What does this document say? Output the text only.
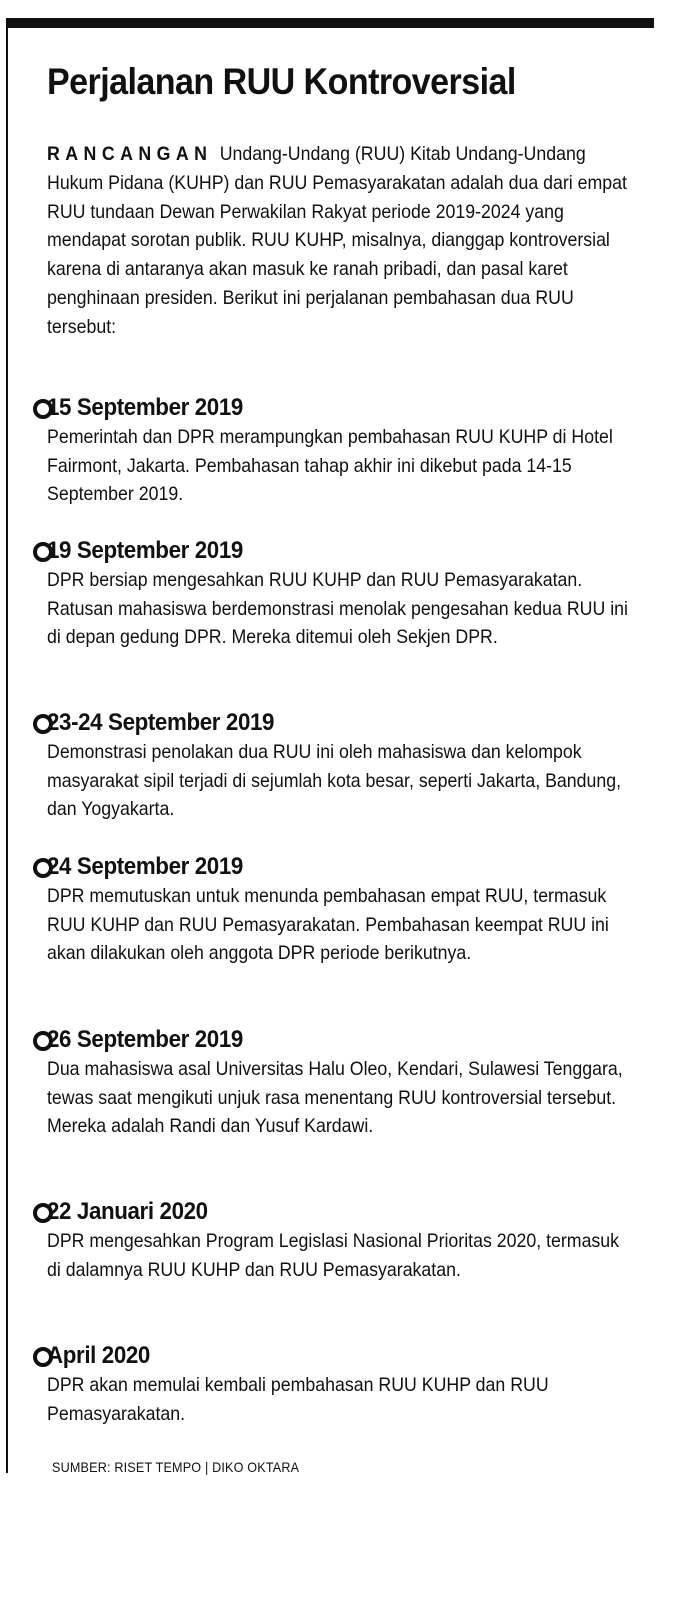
Perjalanan RUU Kontroversial

RANCANGAN Undang-Undang (RUU) Kitab Undang-Undang Hukum Pidana (KUHP) dan RUU Pemasyarakatan adalah dua dari empat RUU tundaan Dewan Perwakilan Rakyat periode 2019-2024 yang mendapat sorotan publik. RUU KUHP, misalnya, dianggap kontroversial karena di antaranya akan masuk ke ranah pribadi, dan pasal karet penghinaan presiden. Berikut ini perjalanan pembahasan dua RUU tersebut:

15 September 2019

Pemerintah dan DPR merampungkan pembahasan RUU KUHP di Hotel Fairmont, Jakarta. Pembahasan tahap akhir ini dikebut pada 14-15 September 2019.

19 September 2019

DPR bersiap mengesahkan RUU KUHP dan RUU Pemasyarakatan. Ratusan mahasiswa berdemonstrasi menolak pengesahan kedua RUU ini di depan gedung DPR. Mereka ditemui oleh Sekjen DPR.

23-24 September 2019

Demonstrasi penolakan dua RUU ini oleh mahasiswa dan kelompok masyarakat sipil terjadi di sejumlah kota besar, seperti Jakarta, Bandung, dan Yogyakarta.

24 September 2019

DPR memutuskan untuk menunda pembahasan empat RUU, termasuk RUU KUHP dan RUU Pemasyarakatan. Pembahasan keempat RUU ini akan dilakukan oleh anggota DPR periode berikutnya.

26 September 2019

Dua mahasiswa asal Universitas Halu Oleo, Kendari, Sulawesi Tenggara, tewas saat mengikuti unjuk rasa menentang RUU kontroversial tersebut. Mereka adalah Randi dan Yusuf Kardawi.

22 Januari 2020

DPR mengesahkan Program Legislasi Nasional Prioritas 2020, termasuk di dalamnya RUU KUHP dan RUU Pemasyarakatan.

April 2020

DPR akan memulai kembali pembahasan RUU KUHP dan RUU Pemasyarakatan.

SUMBER: RISET TEMPO | DIKO OKTARA
